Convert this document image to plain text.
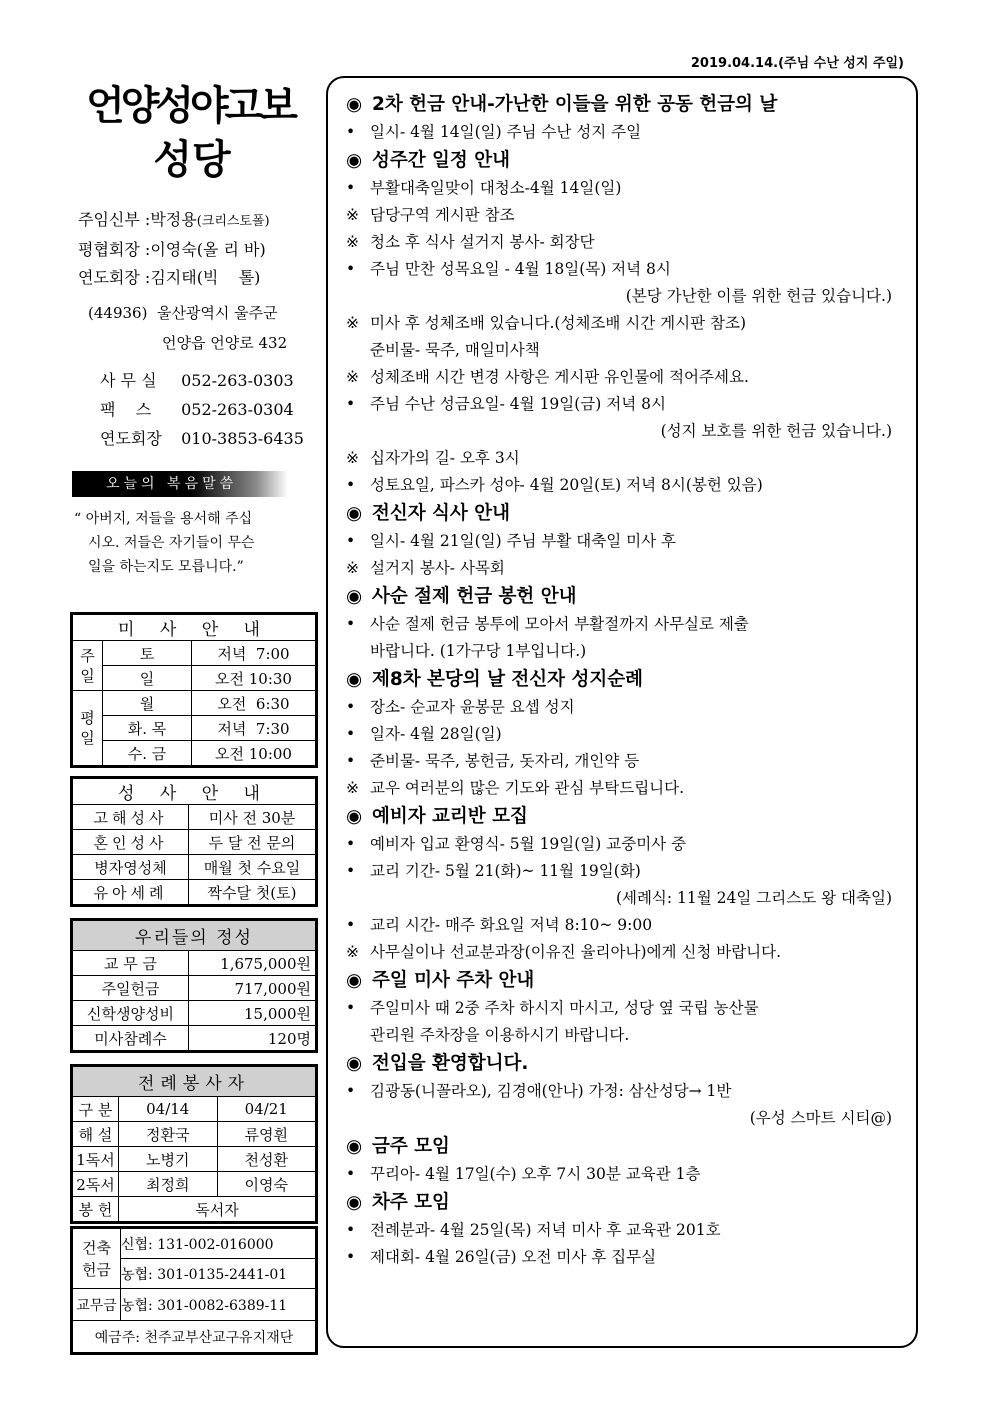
2019.04.14.(주님 수난 성지 주일)
언양성야고보
성당
주임신부 :박정용(크리스토폴)
평협회장 :이영숙(올 리 바)
연도회장 :김지태(빅    톨)
(44936)  울산광역시 울주군
언양읍 언양로 432
사 무 실 052-263-0303
팩    스 052-263-0304
연도회장 010-3853-6435
오늘의 복음말씀
“ 아버지, 저들을 용서해 주십
시오. 저들은 자기들이 무슨
일을 하는지도 모릅니다.”
미 사 안 내		
주일	토	저녁  7:00
	일	오전 10:30
평일	월	오전  6:30
	화. 목	저녁  7:30
	수. 금	오전 10:00
성 사 안 내	
고해성사	미사 전 30분
혼인성사	두 달 전 문의
병자영성체	매월 첫 수요일
유아세례	짝수달 첫(토)
우리들의 정성	
교 무 금	1,675,000원
주일헌금	717,000원
신학생양성비	15,000원
미사참례수	120명
전례봉사자		
구 분	04/14	04/21
해 설	정환국	류영훤
1독서	노병기	천성환
2독서	최정희	이영숙
봉 헌	독서자	
건축
헌금	신협: 131-002-016000
	농협: 301-0135-2441-01
교무금	농협: 301-0082-6389-11
예금주: 천주교부산교구유지재단	
◉ 2차 헌금 안내-가난한 이들을 위한 공동 헌금의 날
• 일시- 4월 14일(일) 주님 수난 성지 주일
◉ 성주간 일정 안내
• 부활대축일맞이 대청소-4월 14일(일)
※ 담당구역 게시판 참조
※ 청소 후 식사 설거지 봉사- 회장단
• 주님 만찬 성목요일 - 4월 18일(목) 저녁 8시
(본당 가난한 이를 위한 헌금 있습니다.)
※ 미사 후 성체조배 있습니다.(성체조배 시간 게시판 참조)
준비물- 묵주, 매일미사책
※ 성체조배 시간 변경 사항은 게시판 유인물에 적어주세요.
• 주님 수난 성금요일- 4월 19일(금) 저녁 8시
(성지 보호를 위한 헌금 있습니다.)
※ 십자가의 길- 오후 3시
• 성토요일, 파스카 성야- 4월 20일(토) 저녁 8시(봉헌 있음)
◉ 전신자 식사 안내
• 일시- 4월 21일(일) 주님 부활 대축일 미사 후
※ 설거지 봉사- 사목회
◉ 사순 절제 헌금 봉헌 안내
• 사순 절제 헌금 봉투에 모아서 부활절까지 사무실로 제출
바랍니다. (1가구당 1부입니다.)
◉ 제8차 본당의 날 전신자 성지순례
• 장소- 순교자 윤봉문 요셉 성지
• 일자- 4월 28일(일)
• 준비물- 묵주, 봉헌금, 돗자리, 개인약 등
※ 교우 여러분의 많은 기도와 관심 부탁드립니다.
◉ 예비자 교리반 모집
• 예비자 입교 환영식- 5월 19일(일) 교중미사 중
• 교리 기간- 5월 21(화)~ 11월 19일(화)
(세례식: 11월 24일 그리스도 왕 대축일)
• 교리 시간- 매주 화요일 저녁 8:10~ 9:00
※ 사무실이나 선교분과장(이유진 율리아나)에게 신청 바랍니다.
◉ 주일 미사 주차 안내
• 주일미사 때 2중 주차 하시지 마시고, 성당 옆 국립 농산물
관리원 주차장을 이용하시기 바랍니다.
◉ 전입을 환영합니다.
• 김광동(니꼴라오), 김경애(안나) 가정: 삼산성당→ 1반
(우성 스마트 시티@)
◉ 금주 모임
• 꾸리아- 4월 17일(수) 오후 7시 30분 교육관 1층
◉ 차주 모임
• 전례분과- 4월 25일(목) 저녁 미사 후 교육관 201호
• 제대회- 4월 26일(금) 오전 미사 후 집무실
